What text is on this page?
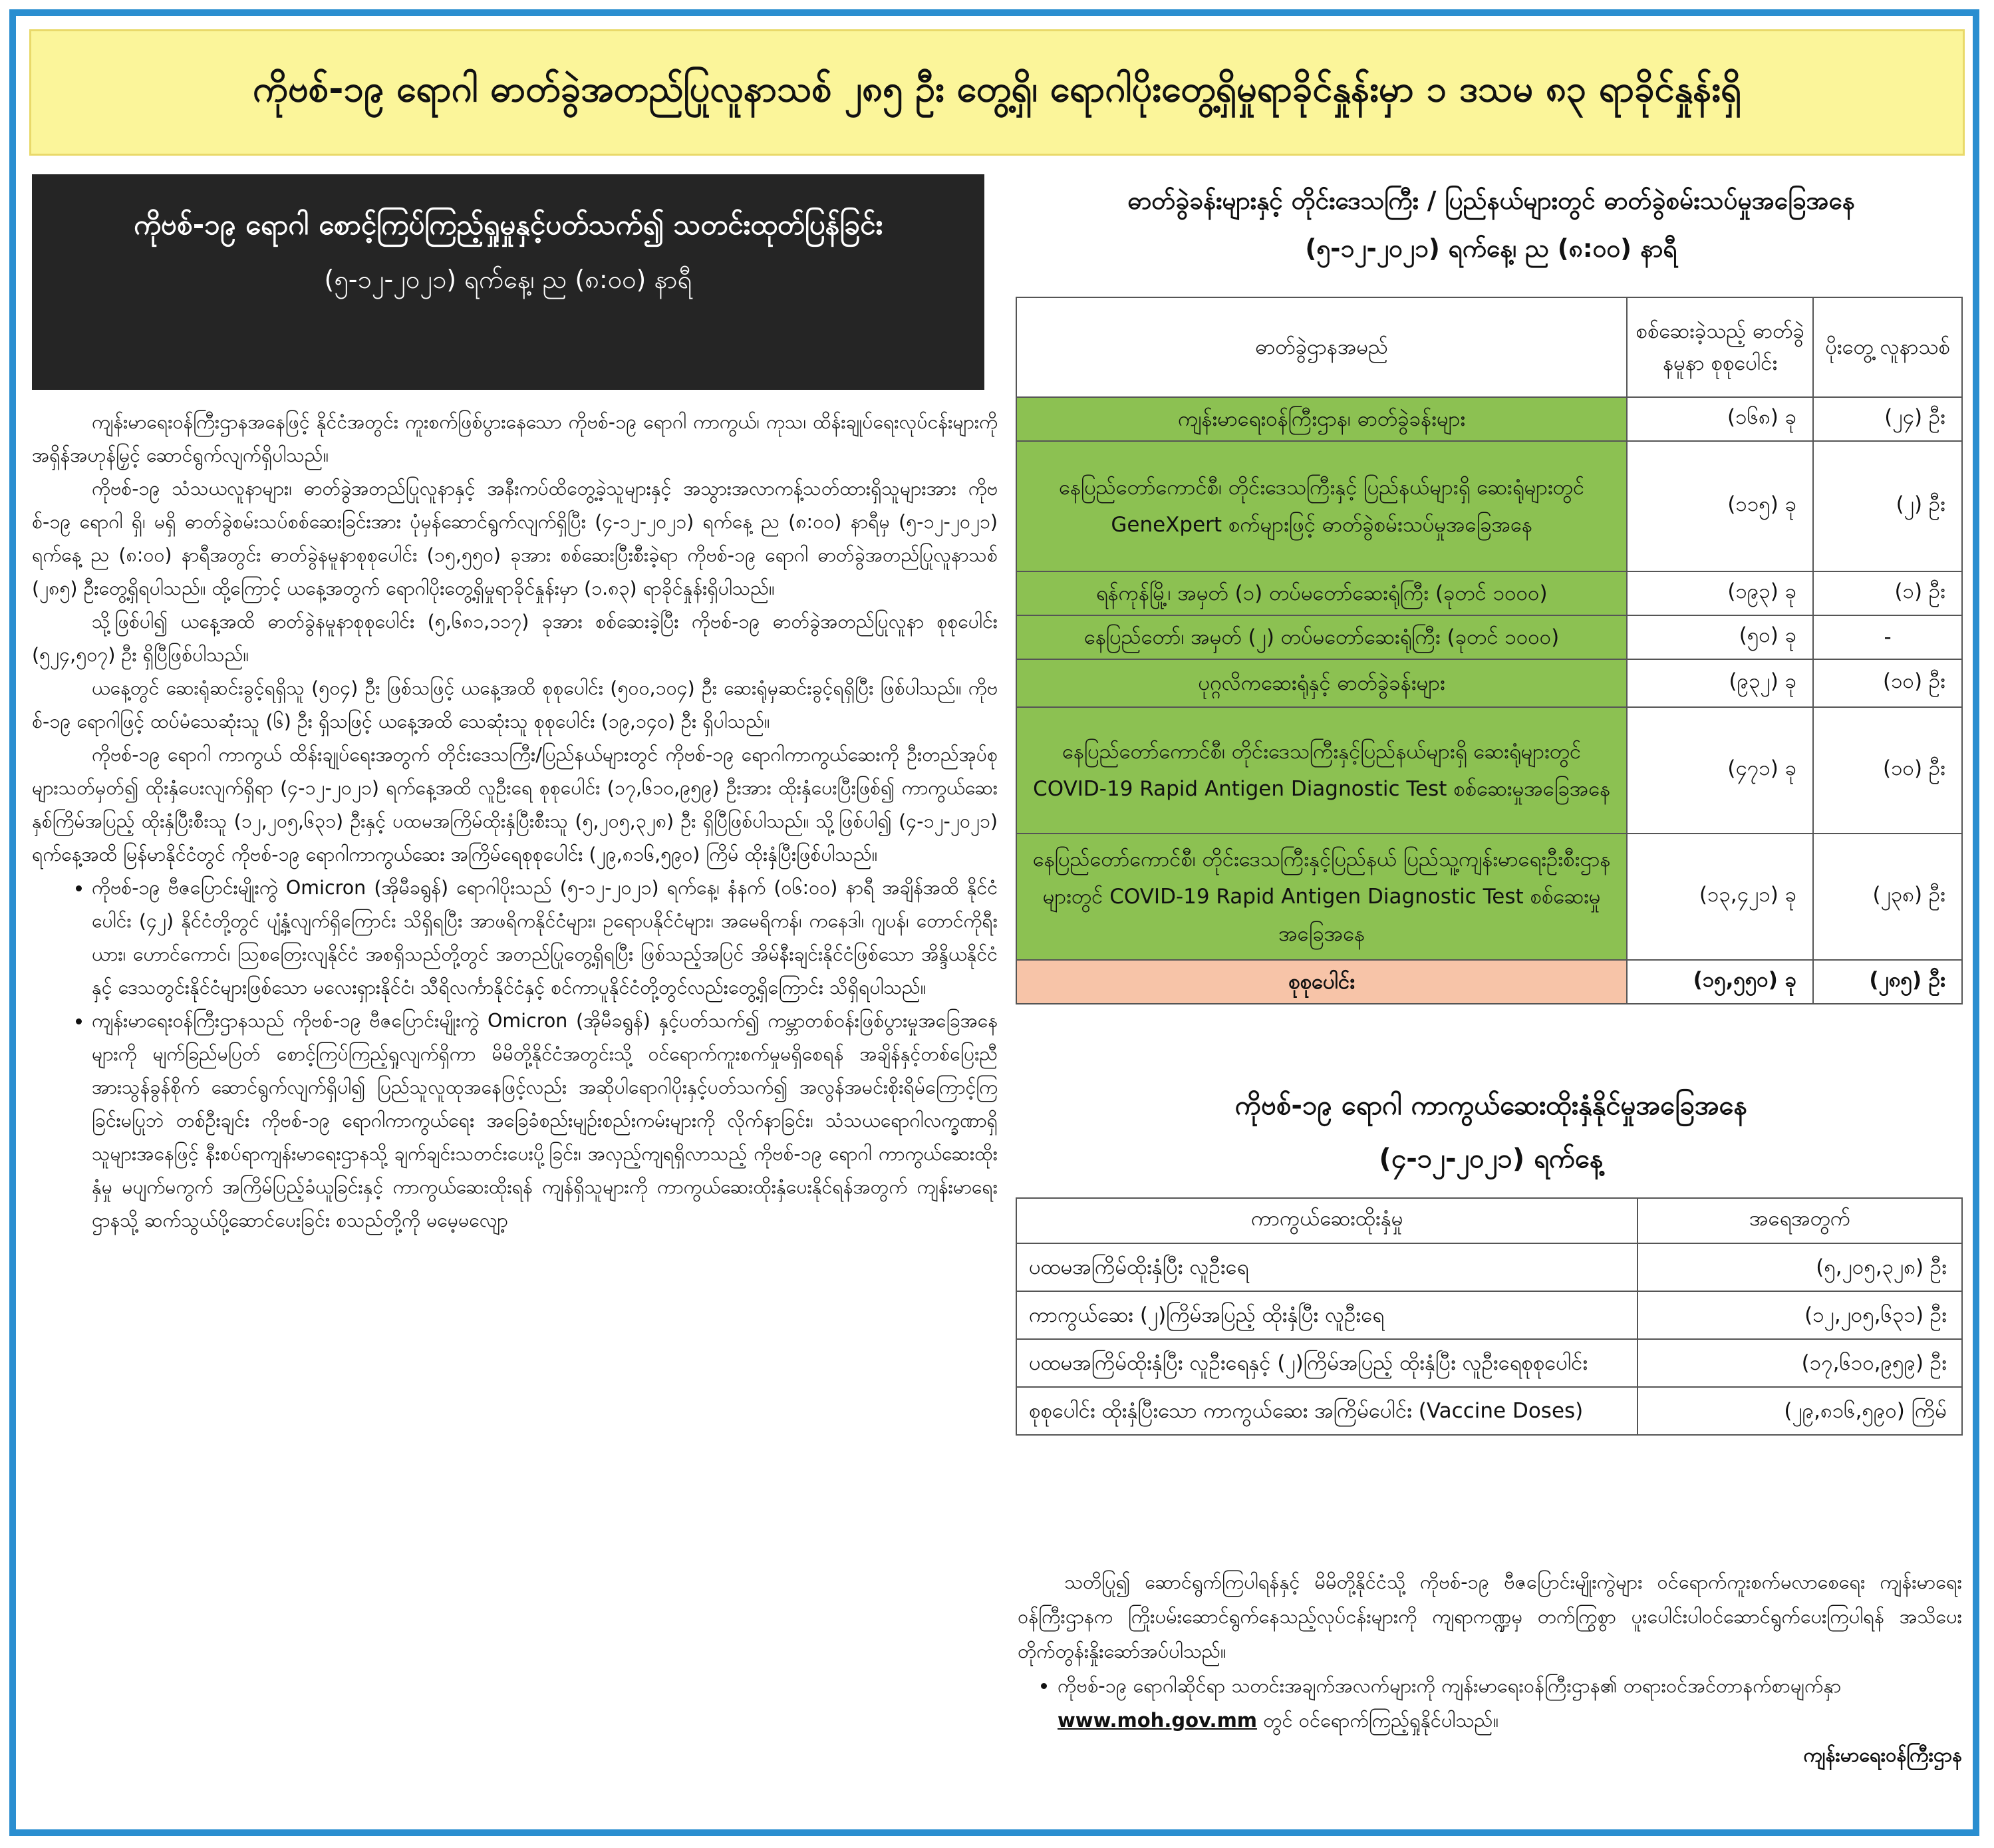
ကိုဗစ်-၁၉ ရောဂါ ဓာတ်ခွဲအတည်ပြုလူနာသစ် ၂၈၅ ဦး တွေ့ရှိ၊ ရောဂါပိုးတွေ့ရှိမှုရာခိုင်နှုန်းမှာ ၁ ဒသမ ၈၃ ရာခိုင်နှုန်းရှိ
ကိုဗစ်-၁၉ ရောဂါ စောင့်ကြပ်ကြည့်ရှုမှုနှင့်ပတ်သက်၍ သတင်းထုတ်ပြန်ခြင်း
(၅-၁၂-၂၀၂၁) ရက်နေ့၊ ည (၈:၀၀) နာရီ

ကျန်းမာရေးဝန်ကြီးဌာနအနေဖြင့် နိုင်ငံအတွင်း ကူးစက်ဖြစ်ပွားနေသော ကိုဗစ်-၁၉ ရောဂါ ကာကွယ်၊ ကုသ၊ ထိန်းချုပ်ရေးလုပ်ငန်းများကို အရှိန်အဟုန်မြှင့် ဆောင်ရွက်လျက်ရှိပါသည်။

ကိုဗစ်-၁၉ သံသယလူနာများ၊ ဓာတ်ခွဲအတည်ပြုလူနာနှင့် အနီးကပ်ထိတွေ့ခဲ့သူများနှင့် အသွားအလာကန့်သတ်ထားရှိသူများအား ကိုဗစ်-၁၉ ရောဂါ ရှိ၊ မရှိ ဓာတ်ခွဲစမ်းသပ်စစ်ဆေးခြင်းအား ပုံမှန်ဆောင်ရွက်လျက်ရှိပြီး (၄-၁၂-၂၀၂၁) ရက်နေ့ ည (၈:၀၀) နာရီမှ (၅-၁၂-၂၀၂၁) ရက်နေ့ ည (၈:၀၀) နာရီအတွင်း ဓာတ်ခွဲနမူနာစုစုပေါင်း (၁၅,၅၅၀) ခုအား စစ်ဆေးပြီးစီးခဲ့ရာ ကိုဗစ်-၁၉ ရောဂါ ဓာတ်ခွဲအတည်ပြုလူနာသစ် (၂၈၅) ဦးတွေ့ရှိရပါသည်။ ထို့ကြောင့် ယနေ့အတွက် ရောဂါပိုးတွေ့ရှိမှုရာခိုင်နှုန်းမှာ (၁.၈၃) ရာခိုင်နှုန်းရှိပါသည်။

သို့ဖြစ်ပါ၍ ယနေ့အထိ ဓာတ်ခွဲနမူနာစုစုပေါင်း (၅,၆၈၁,၁၁၇) ခုအား စစ်ဆေးခဲ့ပြီး ကိုဗစ်-၁၉ ဓာတ်ခွဲအတည်ပြုလူနာ စုစုပေါင်း (၅၂၄,၅၀၇) ဦး ရှိပြီဖြစ်ပါသည်။

ယနေ့တွင် ဆေးရုံဆင်းခွင့်ရရှိသူ (၅၀၄) ဦး ဖြစ်သဖြင့် ယနေ့အထိ စုစုပေါင်း (၅၀၀,၁၀၄) ဦး ဆေးရုံမှဆင်းခွင့်ရရှိပြီး ဖြစ်ပါသည်။ ကိုဗစ်-၁၉ ရောဂါဖြင့် ထပ်မံသေဆုံးသူ (၆) ဦး ရှိသဖြင့် ယနေ့အထိ သေဆုံးသူ စုစုပေါင်း (၁၉,၁၄၀) ဦး ရှိပါသည်။

ကိုဗစ်-၁၉ ရောဂါ ကာကွယ် ထိန်းချုပ်ရေးအတွက် တိုင်းဒေသကြီး/ပြည်နယ်များတွင် ကိုဗစ်-၁၉ ရောဂါကာကွယ်ဆေးကို ဦးတည်အုပ်စုများသတ်မှတ်၍ ထိုးနှံပေးလျက်ရှိရာ (၄-၁၂-၂၀၂၁) ရက်နေ့အထိ လူဦးရေ စုစုပေါင်း (၁၇,၆၁၀,၉၅၉) ဦးအား ထိုးနှံပေးပြီးဖြစ်၍ ကာကွယ်ဆေးနှစ်ကြိမ်အပြည့် ထိုးနှံပြီးစီးသူ (၁၂,၂၀၅,၆၃၁) ဦးနှင့် ပထမအကြိမ်ထိုးနှံပြီးစီးသူ (၅,၂၀၅,၃၂၈) ဦး ရှိပြီဖြစ်ပါသည်။ သို့ဖြစ်ပါ၍ (၄-၁၂-၂၀၂၁) ရက်နေ့အထိ မြန်မာနိုင်ငံတွင် ကိုဗစ်-၁၉ ရောဂါကာကွယ်ဆေး အကြိမ်ရေစုစုပေါင်း (၂၉,၈၁၆,၅၉၀) ကြိမ် ထိုးနှံပြီးဖြစ်ပါသည်။

• ကိုဗစ်-၁၉ ဗီဇပြောင်းမျိုးကွဲ Omicron (အိုမီခရွန်) ရောဂါပိုးသည် (၅-၁၂-၂၀၂၁) ရက်နေ့၊ နံနက် (၀၆:၀၀) နာရီ အချိန်အထိ နိုင်ငံပေါင်း (၄၂) နိုင်ငံတို့တွင် ပျံ့နှံ့လျက်ရှိကြောင်း သိရှိရပြီး အာဖရိကနိုင်ငံများ၊ ဥရောပနိုင်ငံများ၊ အမေရိကန်၊ ကနေဒါ၊ ဂျပန်၊ တောင်ကိုရီးယား၊ ဟောင်ကောင်၊ ဩစတြေးလျနိုင်ငံ အစရှိသည်တို့တွင် အတည်ပြုတွေ့ရှိရပြီး ဖြစ်သည့်အပြင် အိမ်နီးချင်းနိုင်ငံဖြစ်သော အိန္ဒိယနိုင်ငံနှင့် ဒေသတွင်းနိုင်ငံများဖြစ်သော မလေးရှားနိုင်ငံ၊ သီရိလင်္ကာနိုင်ငံနှင့် စင်ကာပူနိုင်ငံတို့တွင်လည်းတွေ့ရှိကြောင်း သိရှိရပါသည်။
• ကျန်းမာရေးဝန်ကြီးဌာနသည် ကိုဗစ်-၁၉ ဗီဇပြောင်းမျိုးကွဲ Omicron (အိုမီခရွန်) နှင့်ပတ်သက်၍ ကမ္ဘာတစ်ဝန်းဖြစ်ပွားမှုအခြေအနေများကို မျက်ခြည်မပြတ် စောင့်ကြပ်ကြည့်ရှုလျက်ရှိကာ မိမိတို့နိုင်ငံအတွင်းသို့ ဝင်ရောက်ကူးစက်မှုမရှိစေရန် အချိန်နှင့်တစ်ပြေးညီ အားသွန်ခွန်စိုက် ဆောင်ရွက်လျက်ရှိပါ၍ ပြည်သူလူထုအနေဖြင့်လည်း အဆိုပါရောဂါပိုးနှင့်ပတ်သက်၍ အလွန်အမင်းစိုးရိမ်ကြောင့်ကြခြင်းမပြုဘဲ တစ်ဦးချင်း ကိုဗစ်-၁၉ ရောဂါကာကွယ်ရေး အခြေခံစည်းမျဉ်းစည်းကမ်းများကို လိုက်နာခြင်း၊ သံသယရောဂါလက္ခဏာရှိသူများအနေဖြင့် နီးစပ်ရာကျန်းမာရေးဌာနသို့ ချက်ချင်းသတင်းပေးပို့ခြင်း၊ အလှည့်ကျရရှိလာသည့် ကိုဗစ်-၁၉ ရောဂါ ကာကွယ်ဆေးထိုးနှံမှု မပျက်မကွက် အကြိမ်ပြည့်ခံယူခြင်းနှင့် ကာကွယ်ဆေးထိုးရန် ကျန်ရှိသူများကို ကာကွယ်ဆေးထိုးနှံပေးနိုင်ရန်အတွက် ကျန်းမာရေးဌာနသို့ ဆက်သွယ်ပို့ဆောင်ပေးခြင်း စသည်တို့ကို မမေ့မလျော့
ဓာတ်ခွဲခန်းများနှင့် တိုင်းဒေသကြီး / ပြည်နယ်များတွင် ဓာတ်ခွဲစမ်းသပ်မှုအခြေအနေ
(၅-၁၂-၂၀၂၁) ရက်နေ့၊ ည (၈:၀၀) နာရီ
ဓာတ်ခွဲဌာနအမည်	စစ်ဆေးခဲ့သည့် ဓာတ်ခွဲနမူနာ စုစုပေါင်း	ပိုးတွေ့ လူနာသစ်
ကျန်းမာရေးဝန်ကြီးဌာန၊ ဓာတ်ခွဲခန်းများ	(၁၆၈) ခု	(၂၄) ဦး
နေပြည်တော်ကောင်စီ၊ တိုင်းဒေသကြီးနှင့် ပြည်နယ်များရှိ ဆေးရုံများတွင် GeneXpert စက်များဖြင့် ဓာတ်ခွဲစမ်းသပ်မှုအခြေအနေ	(၁၁၅) ခု	(၂) ဦး
ရန်ကုန်မြို့၊ အမှတ် (၁) တပ်မတော်ဆေးရုံကြီး (ခုတင် ၁၀၀၀)	(၁၉၃) ခု	(၁) ဦး
နေပြည်တော်၊ အမှတ် (၂) တပ်မတော်ဆေးရုံကြီး (ခုတင် ၁၀၀၀)	(၅၀) ခု	-
ပုဂ္ဂလိကဆေးရုံနှင့် ဓာတ်ခွဲခန်းများ	(၉၃၂) ခု	(၁၀) ဦး
နေပြည်တော်ကောင်စီ၊ တိုင်းဒေသကြီးနှင့်ပြည်နယ်များရှိ ဆေးရုံများတွင် COVID-19 Rapid Antigen Diagnostic Test စစ်ဆေးမှုအခြေအနေ	(၄၇၁) ခု	(၁၀) ဦး
နေပြည်တော်ကောင်စီ၊ တိုင်းဒေသကြီးနှင့်ပြည်နယ် ပြည်သူ့ကျန်းမာရေးဦးစီးဌာနများတွင် COVID-19 Rapid Antigen Diagnostic Test စစ်ဆေးမှုအခြေအနေ	(၁၃,၄၂၁) ခု	(၂၃၈) ဦး
စုစုပေါင်း	(၁၅,၅၅၀) ခု	(၂၈၅) ဦး
ကိုဗစ်-၁၉ ရောဂါ ကာကွယ်ဆေးထိုးနှံနိုင်မှုအခြေအနေ
(၄-၁၂-၂၀၂၁) ရက်နေ့
ကာကွယ်ဆေးထိုးနှံမှု	အရေအတွက်
ပထမအကြိမ်ထိုးနှံပြီး လူဦးရေ	(၅,၂၀၅,၃၂၈) ဦး
ကာကွယ်ဆေး (၂)ကြိမ်အပြည့် ထိုးနှံပြီး လူဦးရေ	(၁၂,၂၀၅,၆၃၁) ဦး
ပထမအကြိမ်ထိုးနှံပြီး လူဦးရေနှင့် (၂)ကြိမ်အပြည့် ထိုးနှံပြီး လူဦးရေစုစုပေါင်း	(၁၇,၆၁၀,၉၅၉) ဦး
စုစုပေါင်း ထိုးနှံပြီးသော ကာကွယ်ဆေး အကြိမ်ပေါင်း (Vaccine Doses)	(၂၉,၈၁၆,၅၉၀) ကြိမ်

သတိပြု၍ ဆောင်ရွက်ကြပါရန်နှင့် မိမိတို့နိုင်ငံသို့ ကိုဗစ်-၁၉ ဗီဇပြောင်းမျိုးကွဲများ ဝင်ရောက်ကူးစက်မလာစေရေး ကျန်းမာရေးဝန်ကြီးဌာနက ကြိုးပမ်းဆောင်ရွက်နေသည့်လုပ်ငန်းများကို ကျရာကဏ္ဍမှ တက်ကြွစွာ ပူးပေါင်းပါဝင်ဆောင်ရွက်ပေးကြပါရန် အသိပေးတိုက်တွန်းနှိုးဆော်အပ်ပါသည်။

• ကိုဗစ်-၁၉ ရောဂါဆိုင်ရာ သတင်းအချက်အလက်များကို ကျန်းမာရေးဝန်ကြီးဌာန၏ တရားဝင်အင်တာနက်စာမျက်နှာ www.moh.gov.mm တွင် ဝင်ရောက်ကြည့်ရှုနိုင်ပါသည်။
ကျန်းမာရေးဝန်ကြီးဌာန
